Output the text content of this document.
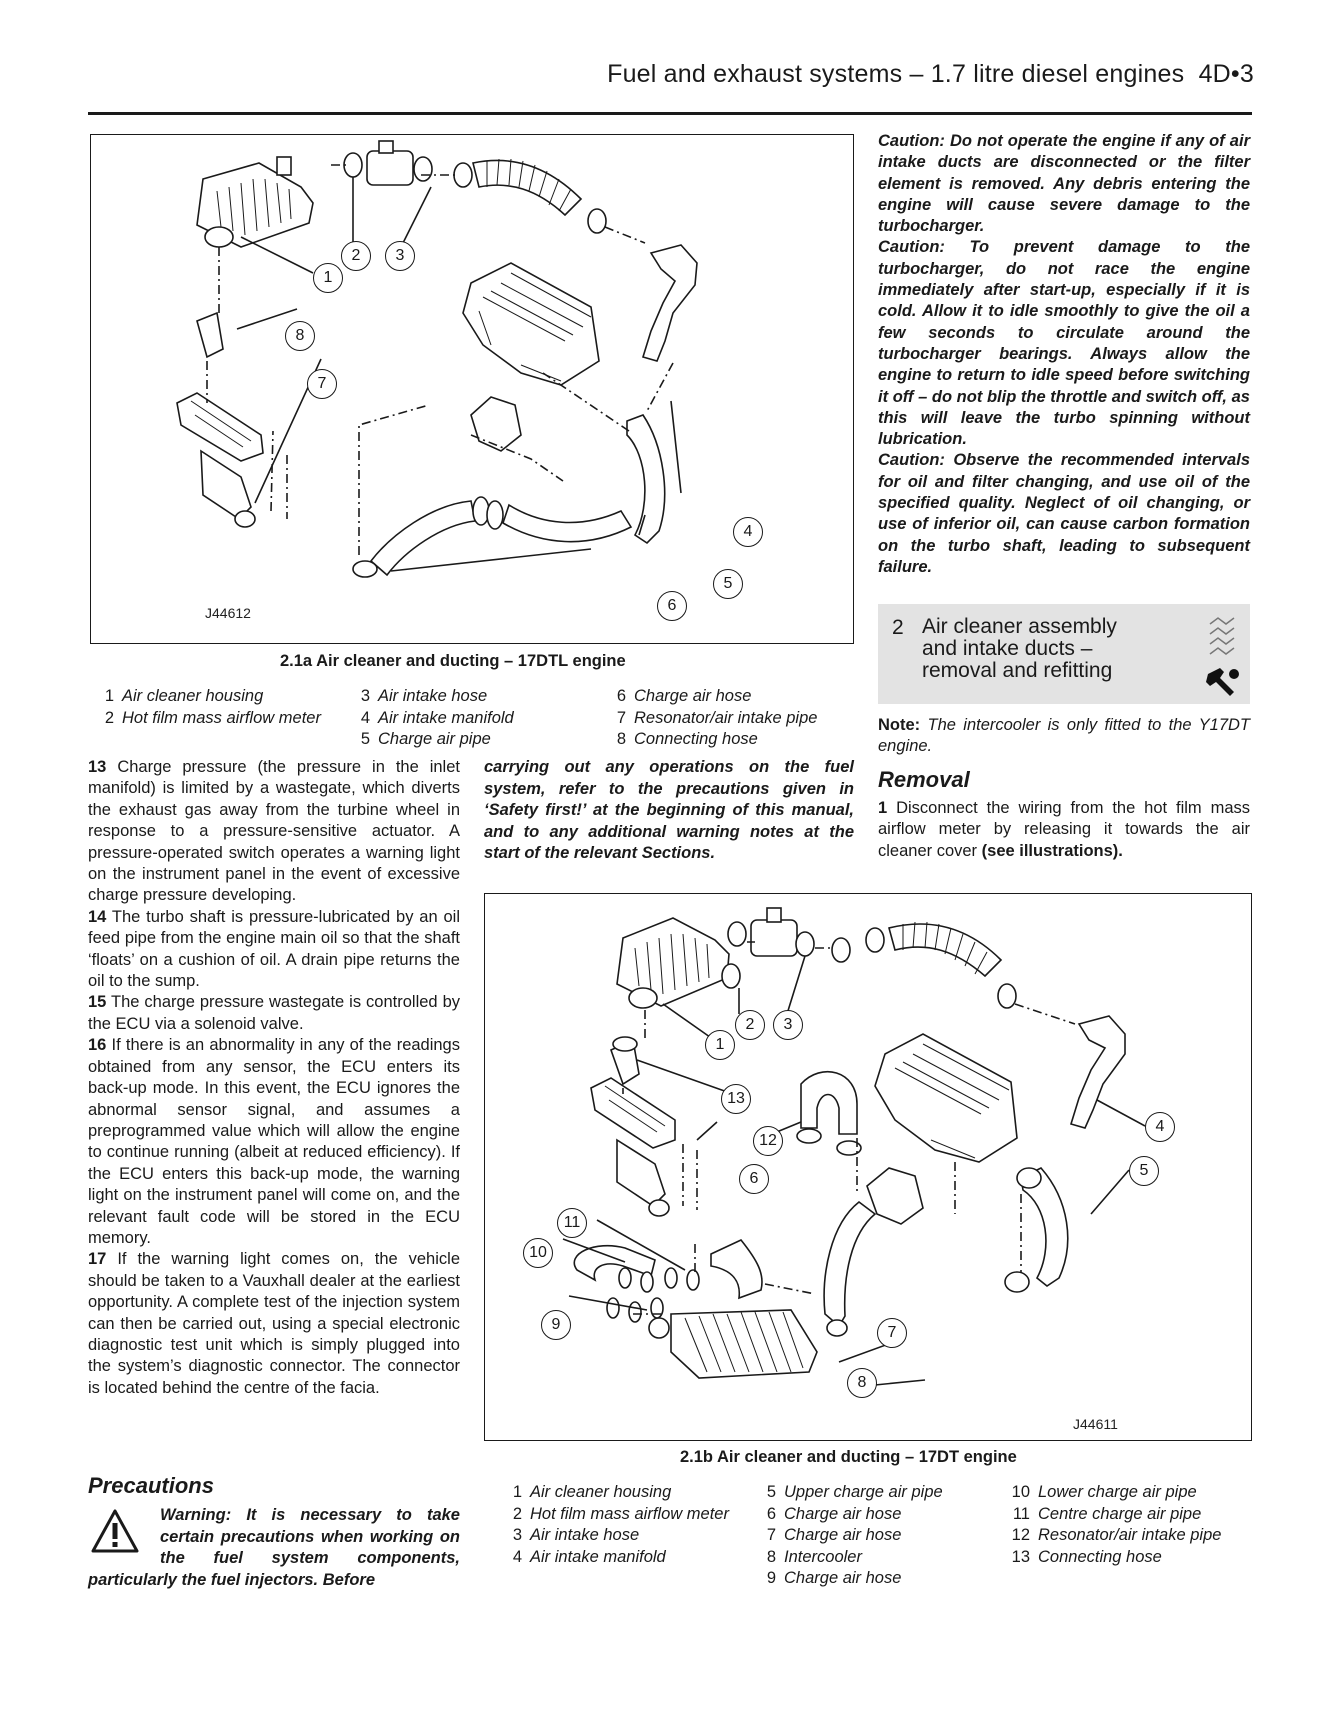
Fuel and exhaust systems – 1.7 litre diesel engines 4D•3
1
2	3
4
5
6
7
8
J44612
2.1a Air cleaner and ducting – 17DTL engine
1 Air cleaner housing
2 Hot film mass airflow meter
3 Air intake hose
4 Air intake manifold
5 Charge air pipe
6 Charge air hose
7 Resonator/air intake pipe
8 Connecting hose

13 Charge pressure (the pressure in the inlet manifold) is limited by a wastegate, which diverts the exhaust gas away from the turbine wheel in response to a pressure-sensitive actuator. A pressure-operated switch operates a warning light on the instrument panel in the event of excessive charge pressure developing.

14 The turbo shaft is pressure-lubricated by an oil feed pipe from the engine main oil so that the shaft ‘floats’ on a cushion of oil. A drain pipe returns the oil to the sump.

15 The charge pressure wastegate is controlled by the ECU via a solenoid valve.

16 If there is an abnormality in any of the readings obtained from any sensor, the ECU enters its back-up mode. In this event, the ECU ignores the abnormal sensor signal, and assumes a preprogrammed value which will allow the engine to continue running (albeit at reduced efficiency). If the ECU enters this back-up mode, the warning light on the instrument panel will come on, and the relevant fault code will be stored in the ECU memory.

17 If the warning light comes on, the vehicle should be taken to a Vauxhall dealer at the earliest opportunity. A complete test of the injection system can then be carried out, using a special electronic diagnostic test unit which is simply plugged into the system’s diagnostic connector. The connector is located behind the centre of the facia.

Precautions
Warning: It is necessary to take certain precautions when working on the fuel system components, particularly the fuel injectors. Before
carrying out any operations on the fuel system, refer to the precautions given in ‘Safety first!’ at the beginning of this manual, and to any additional warning notes at the start of the relevant Sections.

Caution: Do not operate the engine if any of air intake ducts are disconnected or the filter element is removed. Any debris entering the engine will cause severe damage to the turbocharger.

Caution: To prevent damage to the turbocharger, do not race the engine immediately after start-up, especially if it is cold. Allow it to idle smoothly to give the oil a few seconds to circulate around the turbocharger bearings. Always allow the engine to return to idle speed before switching it off – do not blip the throttle and switch off, as this will leave the turbo spinning without lubrication.

Caution: Observe the recommended intervals for oil and filter changing, and use oil of the specified quality. Neglect of oil changing, or use of inferior oil, can cause carbon formation on the turbo shaft, leading to subsequent failure.

2 Air cleaner assembly
and intake ducts –
removal and refitting
Note: The intercooler is only fitted to the Y17DT engine.
Removal

1 Disconnect the wiring from the hot film mass airflow meter by releasing it towards the air cleaner cover (see illustrations).

1
2	3
4
5
6
7
8
9
10
11
12
13
J44611
2.1b Air cleaner and ducting – 17DT engine
1 Air cleaner housing
2 Hot film mass airflow meter
3 Air intake hose
4 Air intake manifold
5 Upper charge air pipe
6 Charge air hose
7 Charge air hose
8 Intercooler
9 Charge air hose
10 Lower charge air pipe
11 Centre charge air pipe
12 Resonator/air intake pipe
13 Connecting hose
